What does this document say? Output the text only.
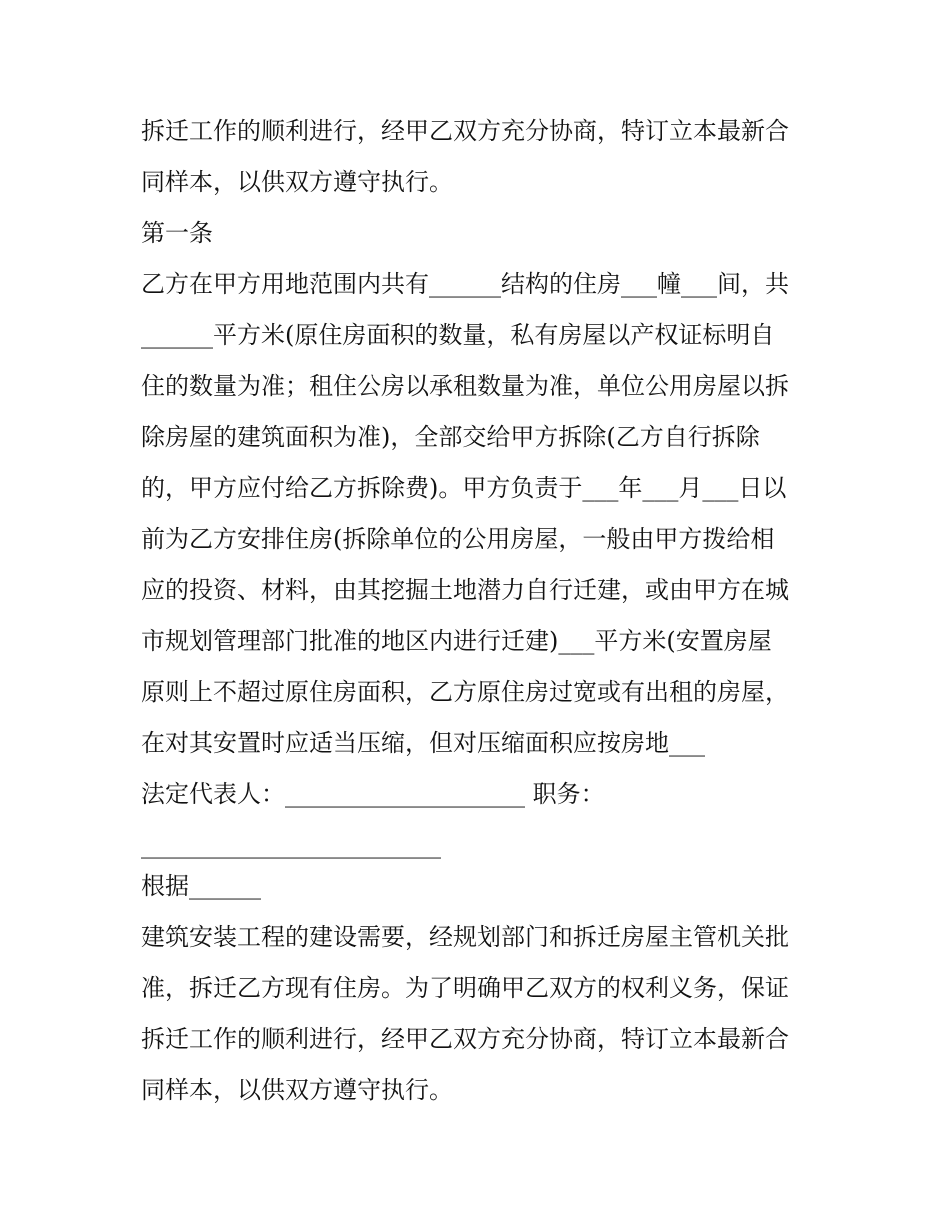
拆迁工作的顺利进行，经甲乙双方充分协商，特订立本最新合
同样本，以供双方遵守执行。
第一条
乙方在甲方用地范围内共有______结构的住房___幢___间，共
______平方米(原住房面积的数量，私有房屋以产权证标明自
住的数量为准；租住公房以承租数量为准，单位公用房屋以拆
除房屋的建筑面积为准)，全部交给甲方拆除(乙方自行拆除
的，甲方应付给乙方拆除费)。甲方负责于___年___月___日以
前为乙方安排住房(拆除单位的公用房屋，一般由甲方拨给相
应的投资、材料，由其挖掘土地潜力自行迁建，或由甲方在城
市规划管理部门批准的地区内进行迁建)___平方米(安置房屋
原则上不超过原住房面积，乙方原住房过宽或有出租的房屋，
在对其安置时应适当压缩，但对压缩面积应按房地___
法定代表人：____________________ 职务：
_________________________
根据______
建筑安装工程的建设需要，经规划部门和拆迁房屋主管机关批
准，拆迁乙方现有住房。为了明确甲乙双方的权利义务，保证
拆迁工作的顺利进行，经甲乙双方充分协商，特订立本最新合
同样本，以供双方遵守执行。
